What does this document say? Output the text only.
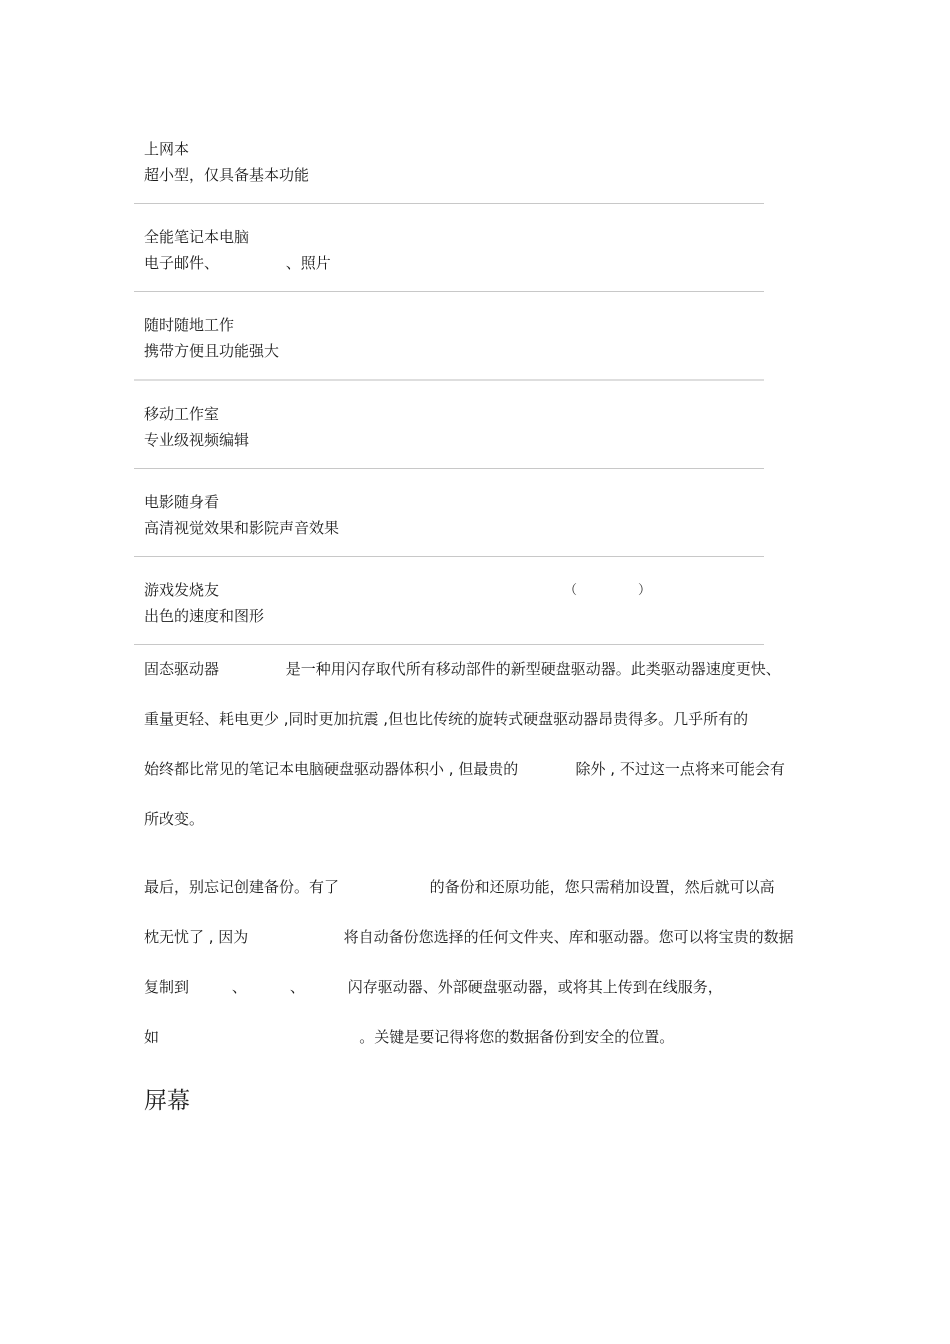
上网本
超小型，仅具备基本功能
全能笔记本电脑
电子邮件、              、照片
随时随地工作
携带方便且功能强大
移动工作室
专业级视频编辑
电影随身看
高清视觉效果和影院声音效果
游戏发烧友	（	）
出色的速度和图形
固态驱动器              是一种用闪存取代所有移动部件的新型硬盘驱动器。此类驱动器速度更快、
重量更轻、耗电更少 ,同时更加抗震 ,但也比传统的旋转式硬盘驱动器昂贵得多。几乎所有的
始终都比常见的笔记本电脑硬盘驱动器体积小 , 但最贵的            除外 , 不过这一点将来可能会有
所改变。
最后，别忘记创建备份。有了                   的备份和还原功能，您只需稍加设置，然后就可以高
枕无忧了 , 因为                    将自动备份您选择的任何文件夹、库和驱动器。您可以将宝贵的数据
复制到         、         、         闪存驱动器、外部硬盘驱动器，或将其上传到在线服务，
如                                          。关键是要记得将您的数据备份到安全的位置。
屏幕
